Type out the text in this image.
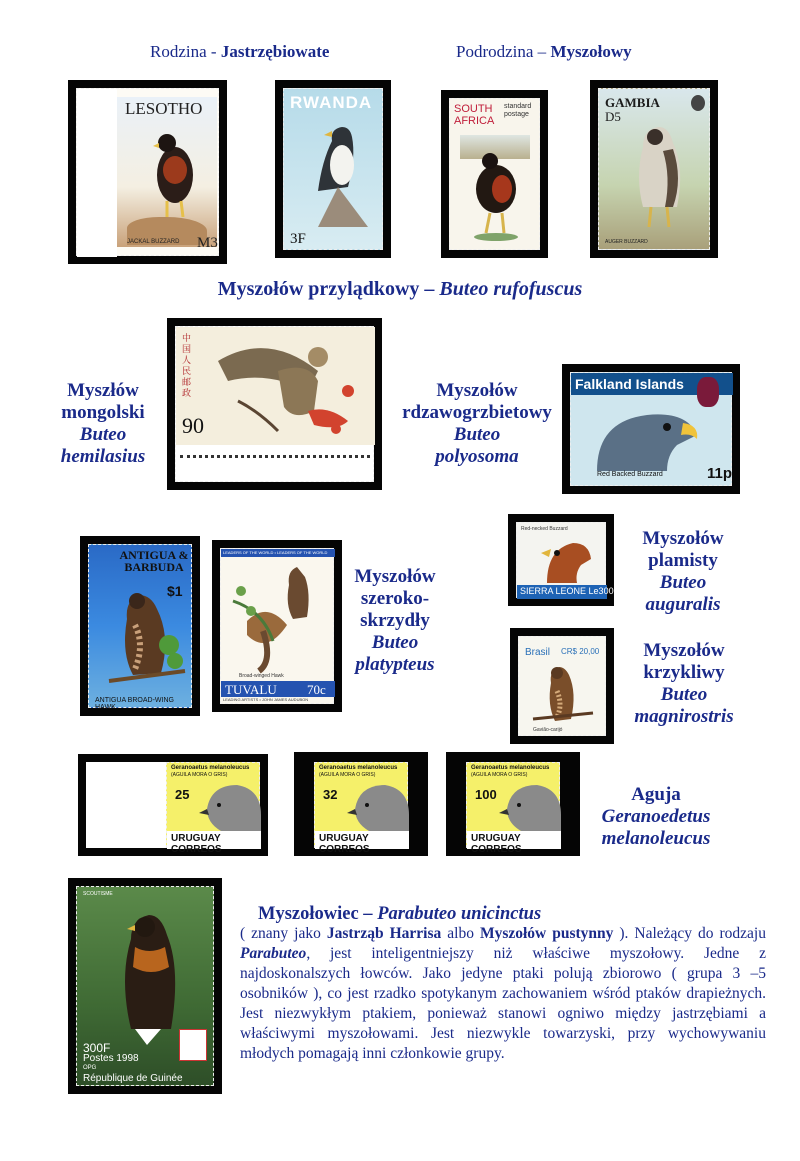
Rodzina - Jastrzębiowate	Podrodzina – Myszołowy
LESOTHO
JACKAL BUZZARD M3
RWANDA
3F
SOUTH AFRICA
standard postage
GAMBIA
D5
AUGER BUZZARD
Myszołów przylądkowy – Buteo rufofuscus
Myszłów
mongolski
Buteo
hemilasius
中国人民邮政
90
Myszołów
rdzawogrzbietowy
Buteo
polyosoma
Falkland Islands
Red Backed Buzzard	11p
ANTIGUA & BARBUDA
$1
ANTIGUA BROAD-WING HAWK
LEADERS OF THE WORLD • LEADERS OF THE WORLD
Broad-winged Hawk
TUVALU 70c
LEADING ARTISTS • JOHN JAMES AUDUBON
Myszołów
szeroko-
skrzydły
Buteo
platypteus
Red-necked Buzzard
SIERRA LEONE Le3000
Myszołów
plamisty
Buteo
auguralis
Brasil CR$ 20,00
Gavião-carijó
Myszołów
krzykliwy
Buteo
magnirostris
Geranoaetus melanoleucus
(AGUILA MORA O GRIS)
25
URUGUAY CORREOS
Geranoaetus melanoleucus
(AGUILA MORA O GRIS)
32
URUGUAY CORREOS
Geranoaetus melanoleucus
(AGUILA MORA O GRIS)
100
URUGUAY CORREOS
Aguja
Geranoedetus
melanoleucus
SCOUTISME
300F
Postes 1998
OPG
République de Guinée
Myszołowiec – Parabuteo unicinctus
( znany jako Jastrząb Harrisa albo Myszołów pustynny ). Należący do rodzaju Parabuteo, jest inteligentniejszy niż właściwe myszołowy. Jedne z najdoskonalszych łowców. Jako jedyne ptaki polują zbiorowo ( grupa 3 –5 osobników ), co jest rzadko spotykanym zachowaniem wśród ptaków drapieżnych. Jest niezwykłym ptakiem, ponieważ stanowi ogniwo między jastrzębiami a właściwymi myszołowami. Jest niezwykle towarzyski, przy wychowywaniu młodych pomagają inni członkowie grupy.
